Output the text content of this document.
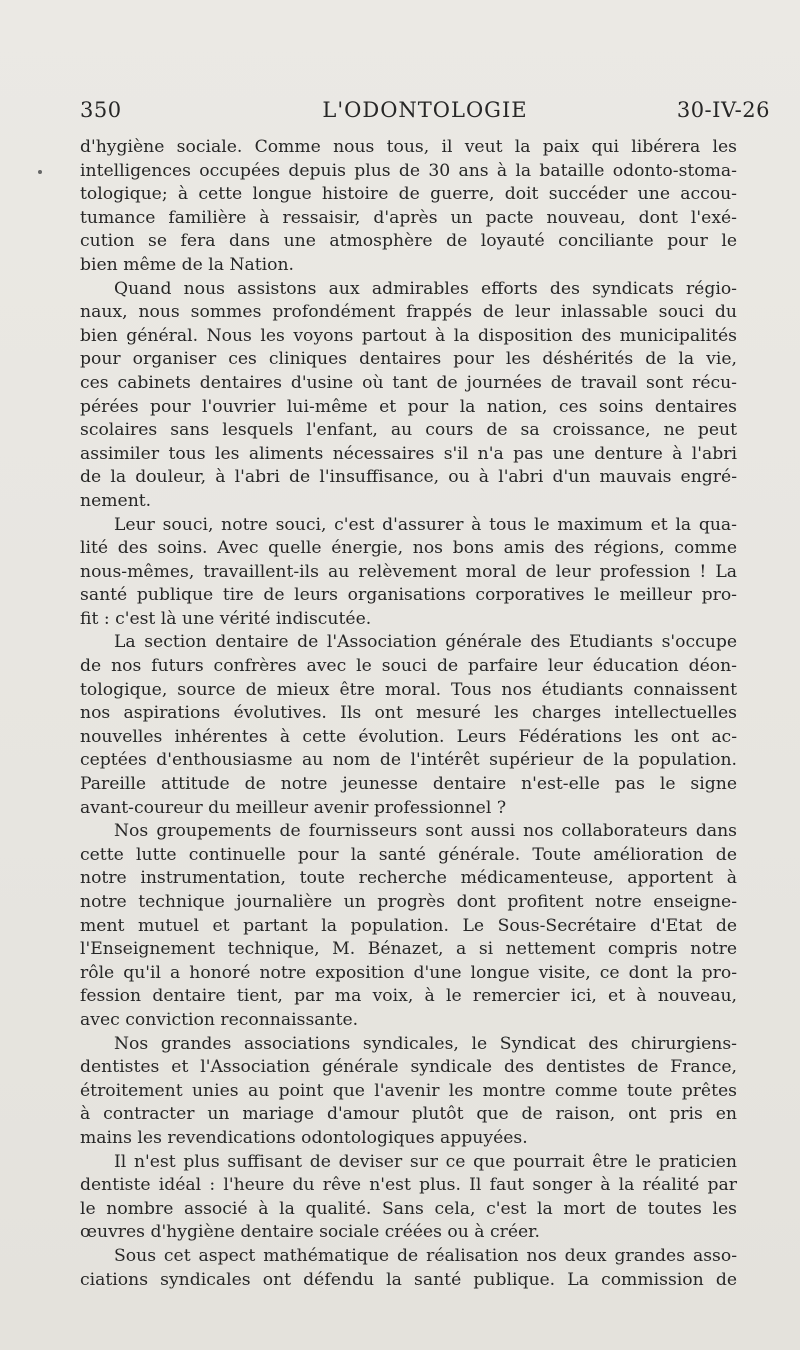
350	L'ODONTOLOGIE	30-IV-26
d'hygiène sociale. Comme nous tous, il veut la paix qui libérera les
intelligences occupées depuis plus de 30 ans à la bataille odonto-stoma-
tologique; à cette longue histoire de guerre, doit succéder une accou-
tumance familière à ressaisir, d'après un pacte nouveau, dont l'exé-
cution se fera dans une atmosphère de loyauté conciliante pour le
bien même de la Nation.
Quand nous assistons aux admirables efforts des syndicats régio-
naux, nous sommes profondément frappés de leur inlassable souci du
bien général. Nous les voyons partout à la disposition des municipalités
pour organiser ces cliniques dentaires pour les déshérités de la vie,
ces cabinets dentaires d'usine où tant de journées de travail sont récu-
pérées pour l'ouvrier lui-même et pour la nation, ces soins dentaires
scolaires sans lesquels l'enfant, au cours de sa croissance, ne peut
assimiler tous les aliments nécessaires s'il n'a pas une denture à l'abri
de la douleur, à l'abri de l'insuffisance, ou à l'abri d'un mauvais engré-
nement.
Leur souci, notre souci, c'est d'assurer à tous le maximum et la qua-
lité des soins. Avec quelle énergie, nos bons amis des régions, comme
nous-mêmes, travaillent-ils au relèvement moral de leur profession ! La
santé publique tire de leurs organisations corporatives le meilleur pro-
fit : c'est là une vérité indiscutée.
La section dentaire de l'Association générale des Etudiants s'occupe
de nos futurs confrères avec le souci de parfaire leur éducation déon-
tologique, source de mieux être moral. Tous nos étudiants connaissent
nos aspirations évolutives. Ils ont mesuré les charges intellectuelles
nouvelles inhérentes à cette évolution. Leurs Fédérations les ont ac-
ceptées d'enthousiasme au nom de l'intérêt supérieur de la population.
Pareille attitude de notre jeunesse dentaire n'est-elle pas le signe
avant-coureur du meilleur avenir professionnel ?
Nos groupements de fournisseurs sont aussi nos collaborateurs dans
cette lutte continuelle pour la santé générale. Toute amélioration de
notre instrumentation, toute recherche médicamenteuse, apportent à
notre technique journalière un progrès dont profitent notre enseigne-
ment mutuel et partant la population. Le Sous-Secrétaire d'Etat de
l'Enseignement technique, M. Bénazet, a si nettement compris notre
rôle qu'il a honoré notre exposition d'une longue visite, ce dont la pro-
fession dentaire tient, par ma voix, à le remercier ici, et à nouveau,
avec conviction reconnaissante.
Nos grandes associations syndicales, le Syndicat des chirurgiens-
dentistes et l'Association générale syndicale des dentistes de France,
étroitement unies au point que l'avenir les montre comme toute prêtes
à contracter un mariage d'amour plutôt que de raison, ont pris en
mains les revendications odontologiques appuyées.
Il n'est plus suffisant de deviser sur ce que pourrait être le praticien
dentiste idéal : l'heure du rêve n'est plus. Il faut songer à la réalité par
le nombre associé à la qualité. Sans cela, c'est la mort de toutes les
œuvres d'hygiène dentaire sociale créées ou à créer.
Sous cet aspect mathématique de réalisation nos deux grandes asso-
ciations syndicales ont défendu la santé publique. La commission de
